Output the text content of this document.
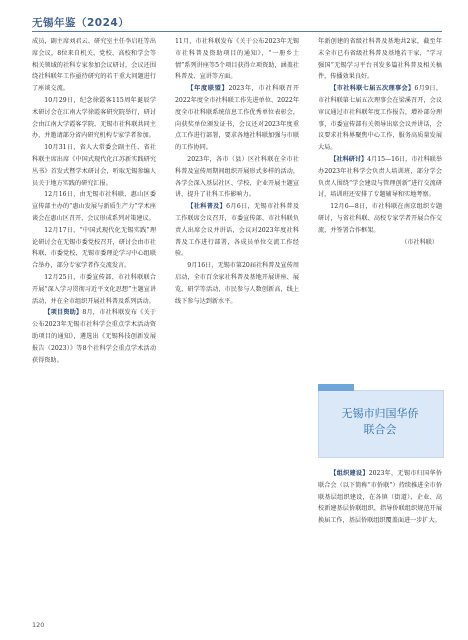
无锡年鉴（2024）

成员，副主席刘君云、研究室主任李启旺等出席会议，8位来自机关、党校、高校和学会等相关领域的社科专家参加会议研讨，会议还围绕社科联年工作亟待研究的若干重大问题进行了座谈交流。

10月29日，纪念徐霞客115周年诞辰学术研讨会在江南大学徐霞客研究院举行，研讨会由江南大学霞客学院、无锡市社科联共同主办，并邀请部分省内研究机构专家学者参加。

10月31日，省人大常委会副主任、省社科联主席出席《中国式现代化江苏新实践研究丛书》首发式暨学术研讨会，听取无锡参编人员关于地方实践的研究汇报。

12月16日，由无锡市社科联、惠山区委宣传部主办的“惠山发展与新质生产力”学术座谈会在惠山区召开，会议形成系列对策建议。

12月17日，“中国式现代化无锡实践”理论研讨会在无锡市委党校召开，研讨会由市社科联、市委党校、无锡市委理论学习中心组联合举办，部分专家学者作交流发言。

12月25日，市委宣传部、市社科联联合开展“深入学习贯彻习近平文化思想”主题宣讲活动，并在全市组织开展社科普及系列活动。

【项目资助】8月，市社科联发布《关于公布2023年无锡市社科学会重点学术活动资助项目的通知》，遴选出《无锡科技创新发展报告（2023）》等8个社科学会重点学术活动获得资助。

11月，市社科联发布《关于公布2023年无锡市社科普及资助项目的通知》，“一册乡土情”系列讲座等5个项目获得立项资助，涵盖社科普及、宣讲等方面。

【年度联盟】2023年，市社科联召开2022年度全市社科联工作先进单位、2022年度全市社科联系统信息工作优秀单位表彰会，向获奖单位颁发证书，会议还对2023年度重点工作进行部署，要求各地社科联加强与市联的工作协同。

2023年，各市（县）区社科联在全市社科普及宣传周期间组织开展形式多样的活动，各学会深入基层社区、学校、企业开展主题宣讲，提升了社科工作影响力。

【社科普及】6月6日，无锡市社科普及工作联席会议召开，市委宣传部、市社科联负责人出席会议并讲话，会议对2023年度社科普及工作进行部署，各成员单位交流工作经验。

9月16日，无锡市第20届社科普及宣传周启动，全市百余家社科普及基地开展讲座、展览、研学等活动，市民参与人数创新高，线上线下参与达到新水平。

年新创建的省级社科普及基地共2家，截至年末全市已有省级社科普及基地若干家，“学习强国”无锡学习平台刊发多篇社科普及相关稿件，传播效果良好。

【市社科联七届五次理事会】6月9日，市社科联第七届五次理事会在梁溪召开，会议审议通过市社科联年度工作报告，增补部分理事，市委宣传部有关领导出席会议并讲话，会议要求社科界聚焦中心工作，服务高质量发展大局。

【社科研讨】4月15—16日，市社科联举办2023年社科学会负责人培训班，部分学会负责人围绕“学会建设与管理创新”进行交流研讨，培训班还安排了专题辅导和实地考察。

12月6—8日，市社科联在南京组织专题研讨，与省社科联、高校专家学者开展合作交流，并签署合作框架。

（市社科联）

无锡市归国华侨
联合会

【组织建设】2023年，无锡市归国华侨联合会（以下简称“市侨联”）持续推进全市侨联基层组织建设，在各镇（街道）、企业、高校新建基层侨联组织，指导侨联组织规范开展换届工作，基层侨联组织覆盖面进一步扩大。

120
